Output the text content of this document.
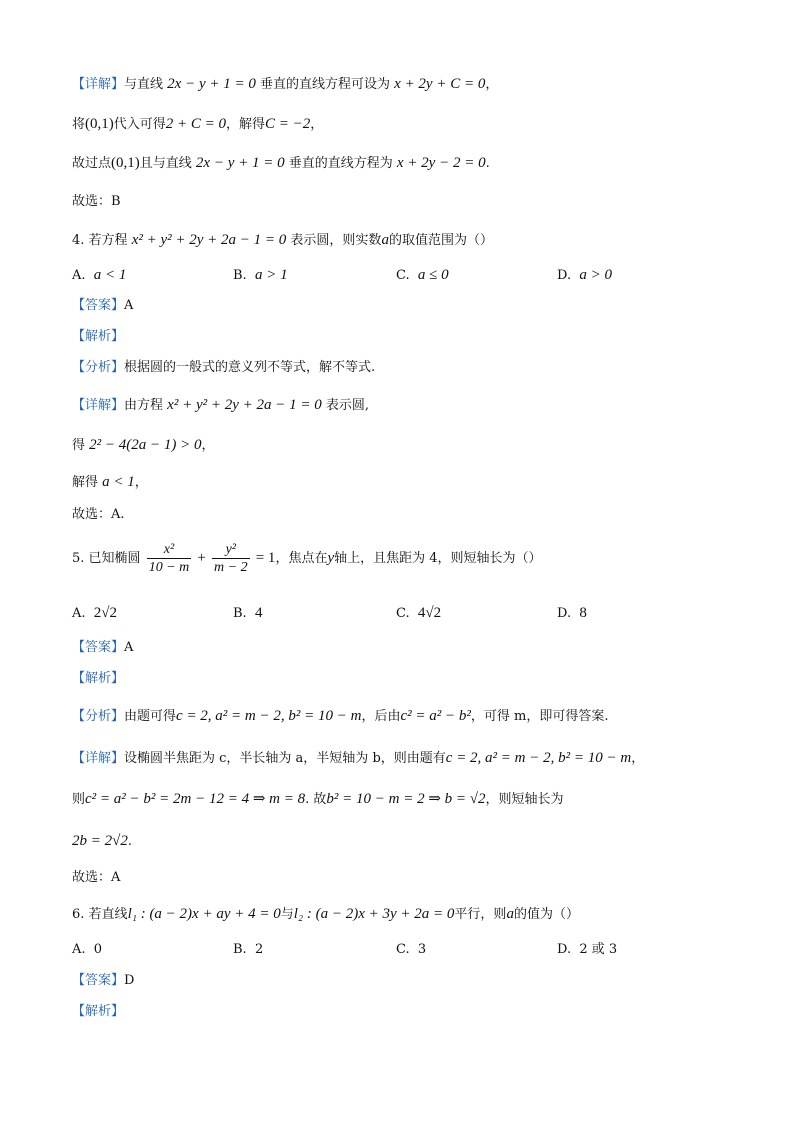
【详解】与直线 2x − y + 1 = 0 垂直的直线方程可设为 x + 2y + C = 0，
将(0,1)代入可得2 + C = 0，解得C = −2，
故过点(0,1)且与直线 2x − y + 1 = 0 垂直的直线方程为 x + 2y − 2 = 0.
故选：B
4. 若方程 x² + y² + 2y + 2a − 1 = 0 表示圆，则实数a的取值范围为（）
A. a < 1	B. a > 1	C. a ≤ 0	D. a > 0
【答案】A
【解析】
【分析】根据圆的一般式的意义列不等式，解不等式.
【详解】由方程 x² + y² + 2y + 2a − 1 = 0 表示圆,
得 2² − 4(2a − 1) > 0，
解得 a < 1，
故选：A.
5. 已知椭圆 $\frac{\text{x²}}{10 - m} + \frac{\text{y²}}{m - 2} = 1$，焦点在y轴上，且焦距为 4，则短轴长为（）
A. 2√2	B. 4	C. 4√2	D. 8
【答案】A
【解析】
【分析】由题可得c = 2, a² = m − 2, b² = 10 − m，后由c² = a² − b²，可得 m，即可得答案.
【详解】设椭圆半焦距为 c，半长轴为 a，半短轴为 b，则由题有c = 2, a² = m − 2, b² = 10 − m，
则c² = a² − b² = 2m − 12 = 4 ⇒ m = 8. 故b² = 10 − m = 2 ⇒ b = √2，则短轴长为
2b = 2√2.
故选：A
6. 若直线l₁ : (a − 2)x + ay + 4 = 0与l₂ : (a − 2)x + 3y + 2a = 0平行，则a的值为（）
A. 0	B. 2	C. 3	D. 2 或 3
【答案】D
【解析】
